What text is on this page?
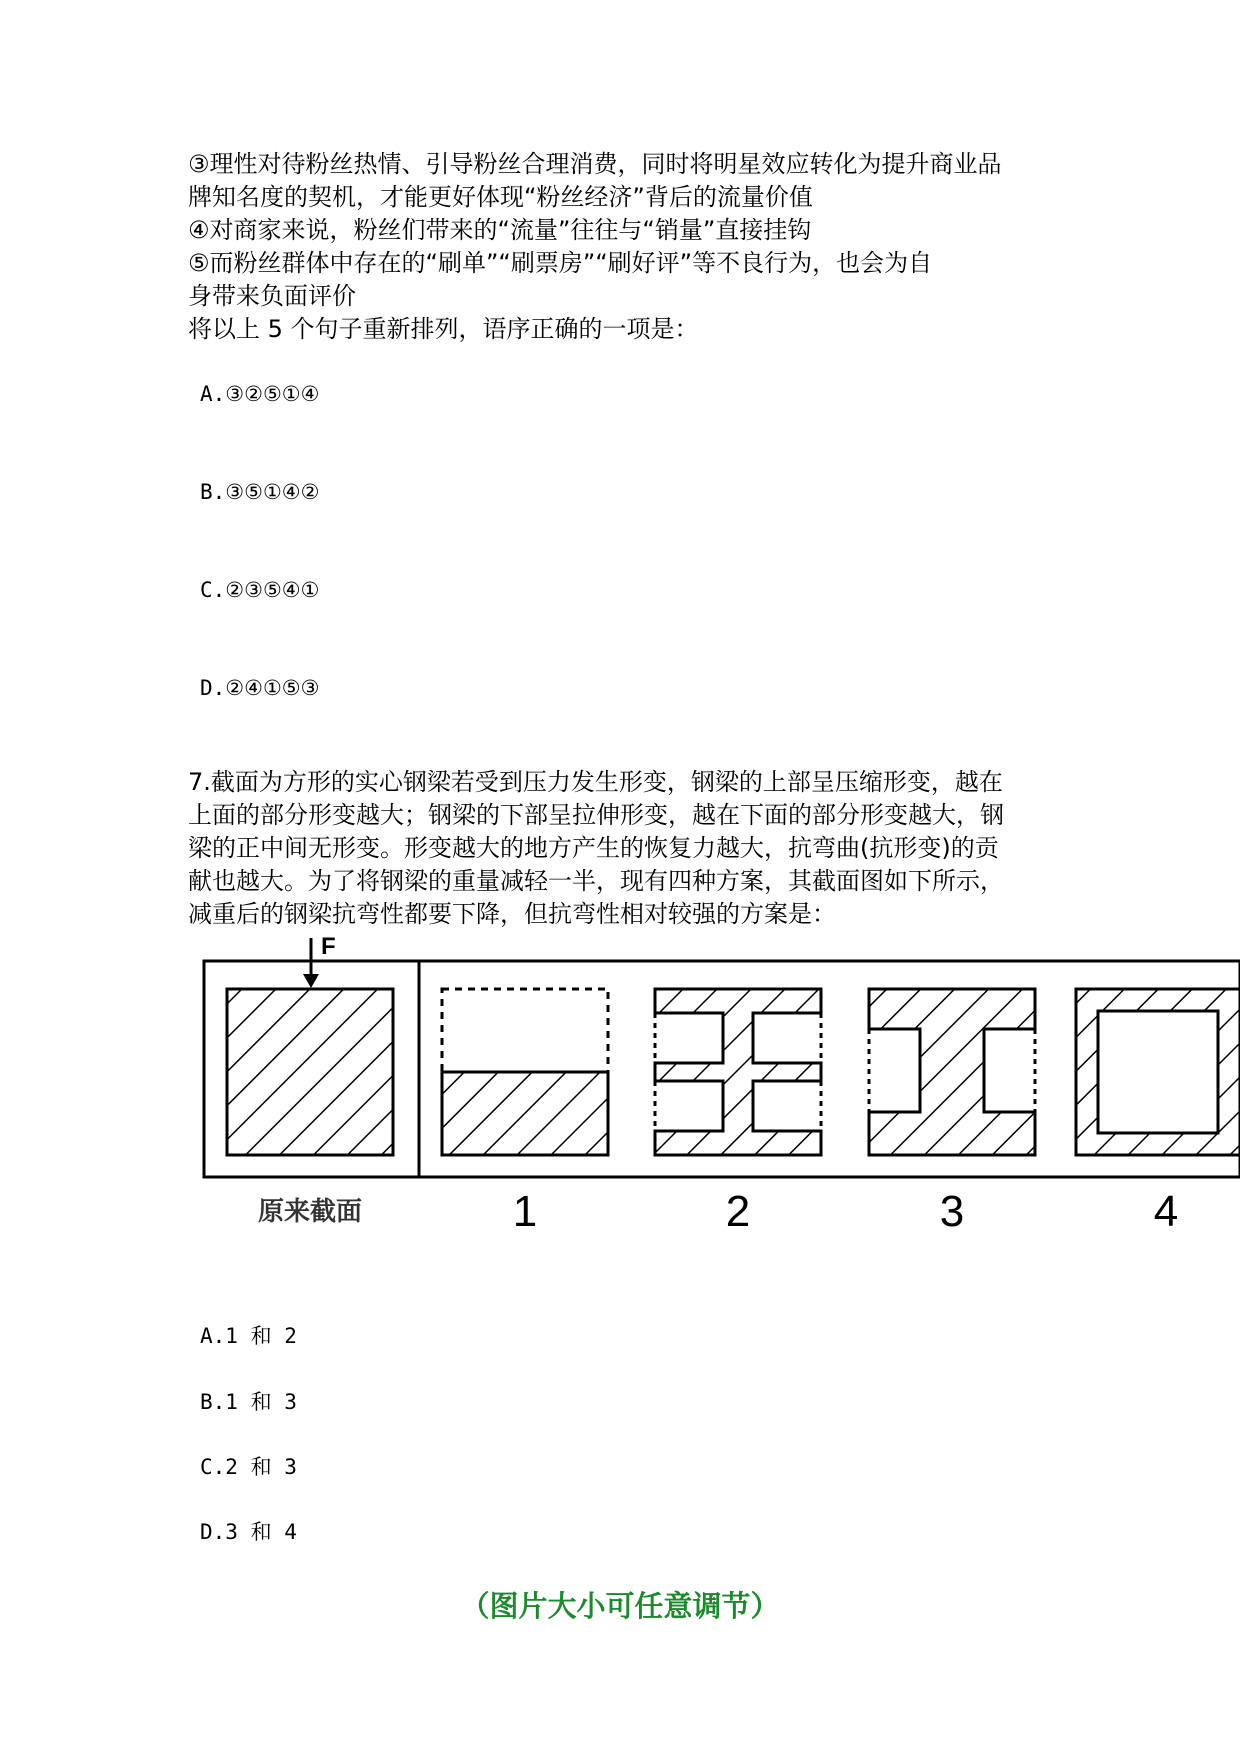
③理性对待粉丝热情、引导粉丝合理消费，同时将明星效应转化为提升商业品
牌知名度的契机，才能更好体现“粉丝经济”背后的流量价值
④对商家来说，粉丝们带来的“流量”往往与“销量”直接挂钩
⑤而粉丝群体中存在的“刷单”“刷票房”“刷好评”等不良行为，也会为自
身带来负面评价
将以上 5 个句子重新排列，语序正确的一项是：
A.③②⑤①④
B.③⑤①④②
C.②③⑤④①
D.②④①⑤③
7.截面为方形的实心钢梁若受到压力发生形变，钢梁的上部呈压缩形变，越在
上面的部分形变越大；钢梁的下部呈拉伸形变，越在下面的部分形变越大，钢
梁的正中间无形变。形变越大的地方产生的恢复力越大，抗弯曲(抗形变)的贡
献也越大。为了将钢梁的重量减轻一半，现有四种方案，其截面图如下所示，
减重后的钢梁抗弯性都要下降，但抗弯性相对较强的方案是：
F
原来截面	1	2	3	4
A.1 和 2
B.1 和 3
C.2 和 3
D.3 和 4
（图片大小可任意调节）
